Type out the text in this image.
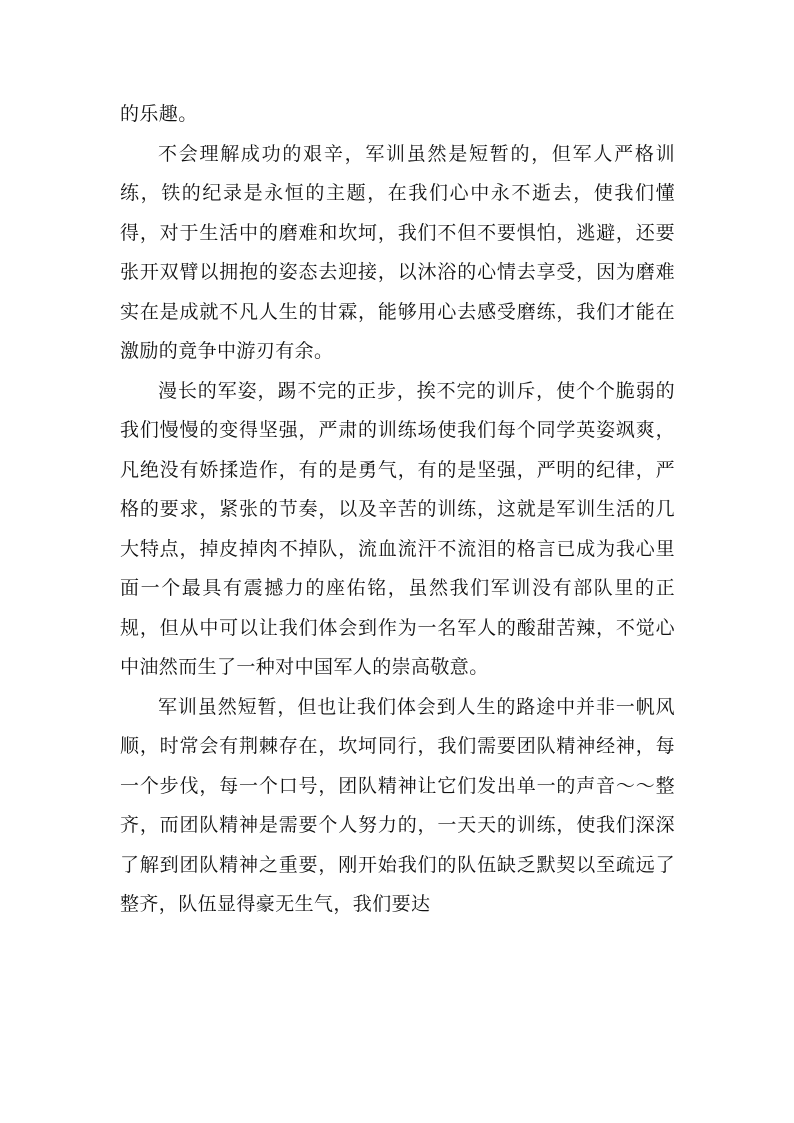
的乐趣。

不会理解成功的艰辛，军训虽然是短暂的，但军人严格训练，铁的纪录是永恒的主题，在我们心中永不逝去，使我们懂得，对于生活中的磨难和坎坷，我们不但不要惧怕，逃避，还要张开双臂以拥抱的姿态去迎接，以沐浴的心情去享受，因为磨难实在是成就不凡人生的甘霖，能够用心去感受磨练，我们才能在激励的竟争中游刃有余。

漫长的军姿，踢不完的正步，挨不完的训斥，使个个脆弱的我们慢慢的变得坚强，严肃的训练场使我们每个同学英姿飒爽，凡绝没有娇揉造作，有的是勇气，有的是坚强，严明的纪律，严格的要求，紧张的节奏，以及辛苦的训练，这就是军训生活的几大特点，掉皮掉肉不掉队，流血流汗不流泪的格言已成为我心里面一个最具有震撼力的座佑铭，虽然我们军训没有部队里的正规，但从中可以让我们体会到作为一名军人的酸甜苦辣，不觉心中油然而生了一种对中国军人的崇高敬意。

军训虽然短暂，但也让我们体会到人生的路途中并非一帆风顺，时常会有荆棘存在，坎坷同行，我们需要团队精神经神，每一个步伐，每一个口号，团队精神让它们发出单一的声音～～整齐，而团队精神是需要个人努力的，一天天的训练，使我们深深了解到团队精神之重要，刚开始我们的队伍缺乏默契以至疏远了整齐，队伍显得豪无生气，我们要达
